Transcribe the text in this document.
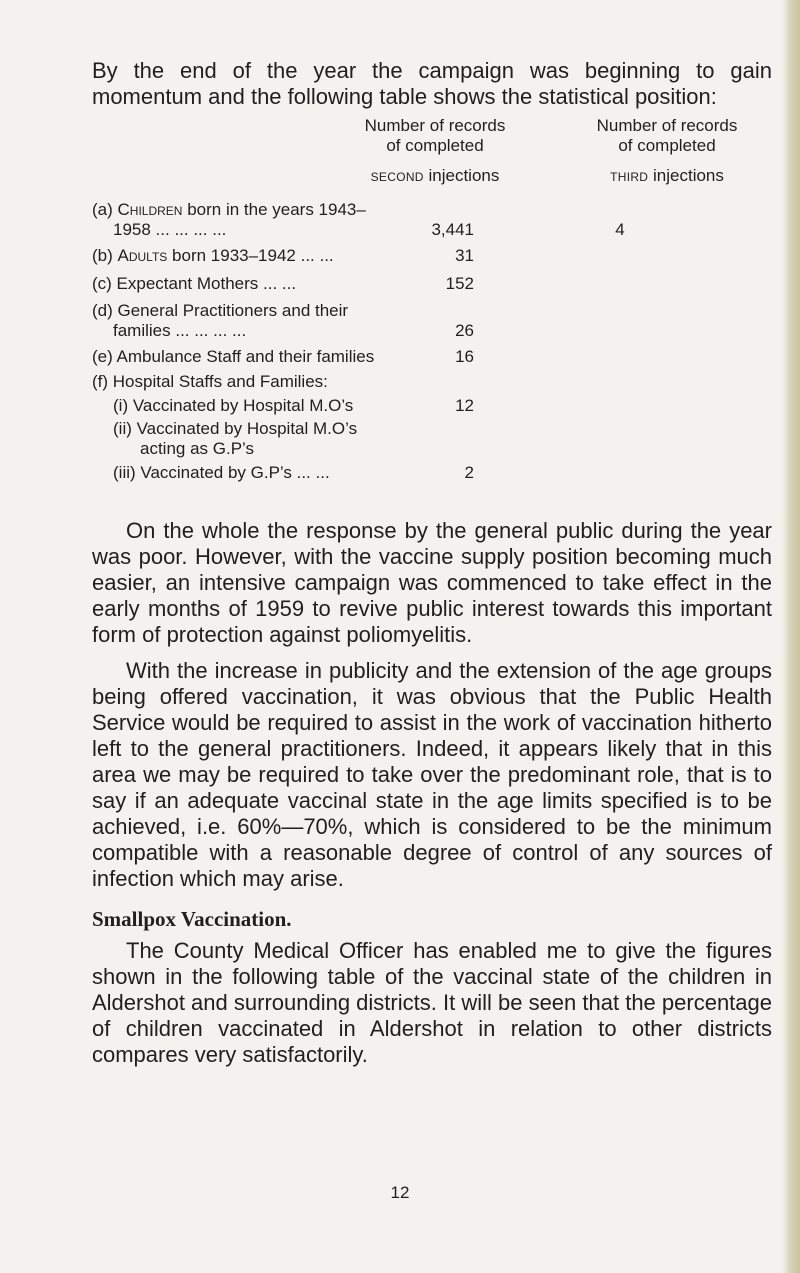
By the end of the year the campaign was beginning to gain momentum and the following table shows the statistical position:

Number of records
of completed
second injections
Number of records
of completed
third injections
(a) Children born in the years 1943–
1958 ... ... ... ...	3,441	4
(b) Adults born 1933–1942 ... ...	31
(c) Expectant Mothers ... ...	152
(d) General Practitioners and their
families ... ... ... ...	26
(e) Ambulance Staff and their families	16
(f) Hospital Staffs and Families:
(i) Vaccinated by Hospital M.O’s	12
(ii) Vaccinated by Hospital M.O’s
acting as G.P’s
(iii) Vaccinated by G.P’s ... ...	2

On the whole the response by the general public during the year was poor. However, with the vaccine supply position becoming much easier, an intensive campaign was commenced to take effect in the early months of 1959 to revive public interest towards this important form of protection against poliomyelitis.

With the increase in publicity and the extension of the age groups being offered vaccination, it was obvious that the Public Health Service would be required to assist in the work of vaccination hitherto left to the general practitioners. Indeed, it appears likely that in this area we may be required to take over the predominant role, that is to say if an adequate vaccinal state in the age limits specified is to be achieved, i.e. 60%—70%, which is considered to be the minimum compatible with a reasonable degree of control of any sources of infection which may arise.

Smallpox Vaccination.

The County Medical Officer has enabled me to give the figures shown in the following table of the vaccinal state of the children in Aldershot and surrounding districts. It will be seen that the percentage of children vaccinated in Aldershot in relation to other districts compares very satisfactorily.

12
